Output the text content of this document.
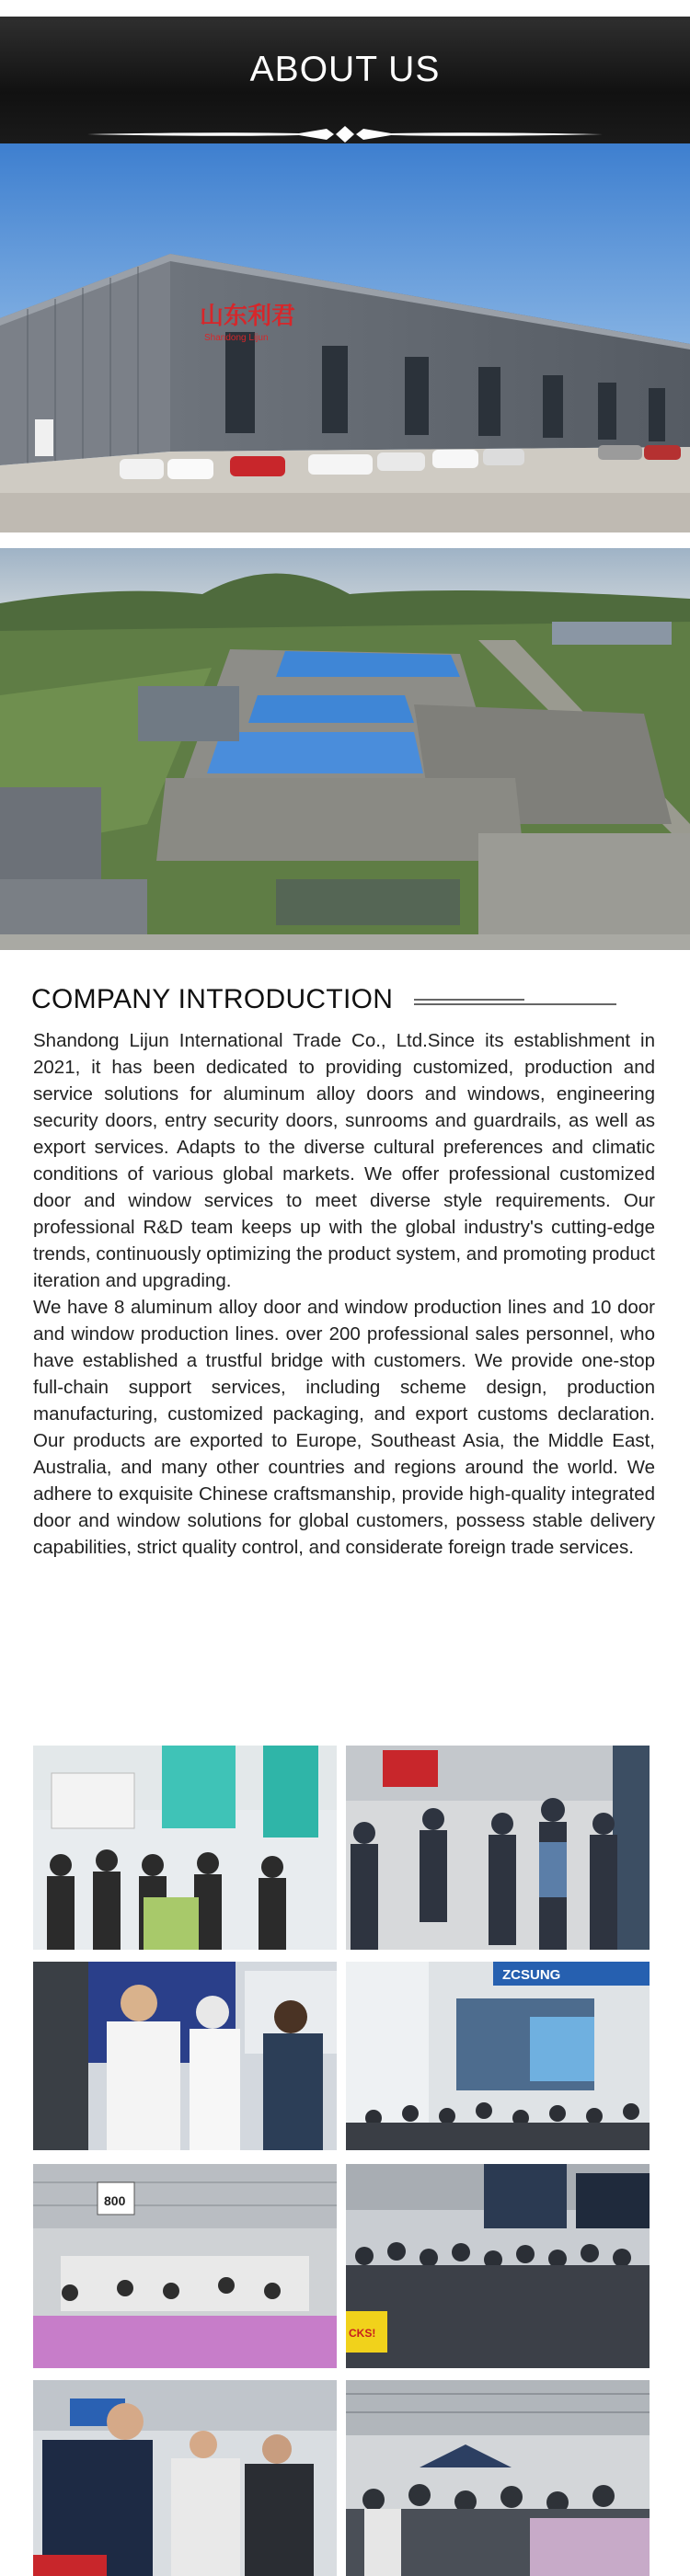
ABOUT US
山东利君
Shandong Lijun
COMPANY INTRODUCTION

Shandong Lijun International Trade Co., Ltd.Since its establishment in 2021, it has been dedicated to providing customized, production and service solutions for aluminum alloy doors and windows, engineering security doors, entry security doors, sunrooms and guardrails, as well as export services. Adapts to the diverse cultural preferences and climatic conditions of various global markets. We offer professional customized door and window services to meet diverse style requirements. Our professional R&D team keeps up with the global industry's cutting-edge trends, continuously optimizing the product system, and promoting product iteration and upgrading.

We have 8 aluminum alloy door and window production lines and 10 door and window production lines. over 200 professional sales personnel, who have established a trustful bridge with customers. We provide one-stop full-chain support services, including scheme design, production manufacturing, customized packaging, and export customs declaration. Our products are exported to Europe, Southeast Asia, the Middle East, Australia, and many other countries and regions around the world. We adhere to exquisite Chinese craftsmanship, provide high-quality integrated door and window solutions for global customers, possess stable delivery capabilities, strict quality control, and considerate foreign trade services.

ZCSUNG
800
CKS!
